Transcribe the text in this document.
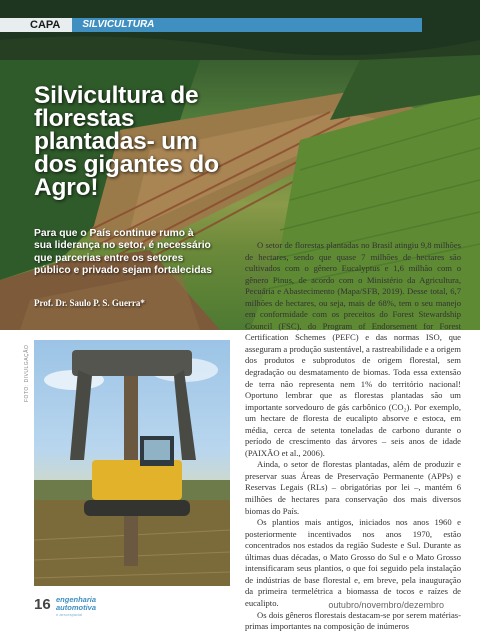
CAPA	SILVICULTURA
Silvicultura de florestas plantadas- um dos gigantes do Agro!
Para que o País continue rumo à sua liderança no setor, é necessário que parcerias entre os setores público e privado sejam fortalecidas
Prof. Dr. Saulo P. S. Guerra*

O setor de florestas plantadas no Brasil atingiu 9,8 milhões de hectares, sendo que quase 7 milhões de hectares são cultivados com o gênero Eucalyptus e 1,6 milhão com o gênero Pinus, de acordo com o Ministério da Agricultura, Pecuária e Abastecimento (Mapa/SFB, 2019). Desse total, 6,7 milhões de hectares, ou seja, mais de 68%, tem o seu manejo em conformidade com os preceitos do Forest Stewardship Council (FSC), do Program of Endorsement for Forest Certification Schemes (PEFC) e das normas ISO, que asseguram a produção sustentável, a rastreabilidade e a origem dos produtos e subprodutos de origem florestal, sem degradação ou desmatamento de biomas. Toda essa extensão de terra não representa nem 1% do território nacional! Oportuno lembrar que as florestas plantadas são um importante sorvedouro de gás carbônico (CO₂). Por exemplo, um hectare de floresta de eucalipto absorve e estoca, em média, cerca de setenta toneladas de carbono durante o período de crescimento das árvores – seis anos de idade (PAIXÃO et al., 2006).

Ainda, o setor de florestas plantadas, além de produzir e preservar suas Áreas de Preservação Permanente (APPs) e Reservas Legais (RLs) – obrigatórias por lei –, mantém 6 milhões de hectares para conservação dos mais diversos biomas do País.

Os plantios mais antigos, iniciados nos anos 1960 e posteriormente incentivados nos anos 1970, estão concentrados nos estados da região Sudeste e Sul. Durante as últimas duas décadas, o Mato Grosso do Sul e o Mato Grosso intensificaram seus plantios, o que foi seguido pela instalação de indústrias de base florestal e, em breve, pela inauguração da primeira termelétrica a biomassa de tocos e raízes de eucalipto.

Os dois gêneros florestais destacam-se por serem matérias-primas importantes na composição de inúmeros

FOTO: DIVULGAÇÃO
16 engenharia
automotiva
e aeroespacial
outubro/novembro/dezembro
